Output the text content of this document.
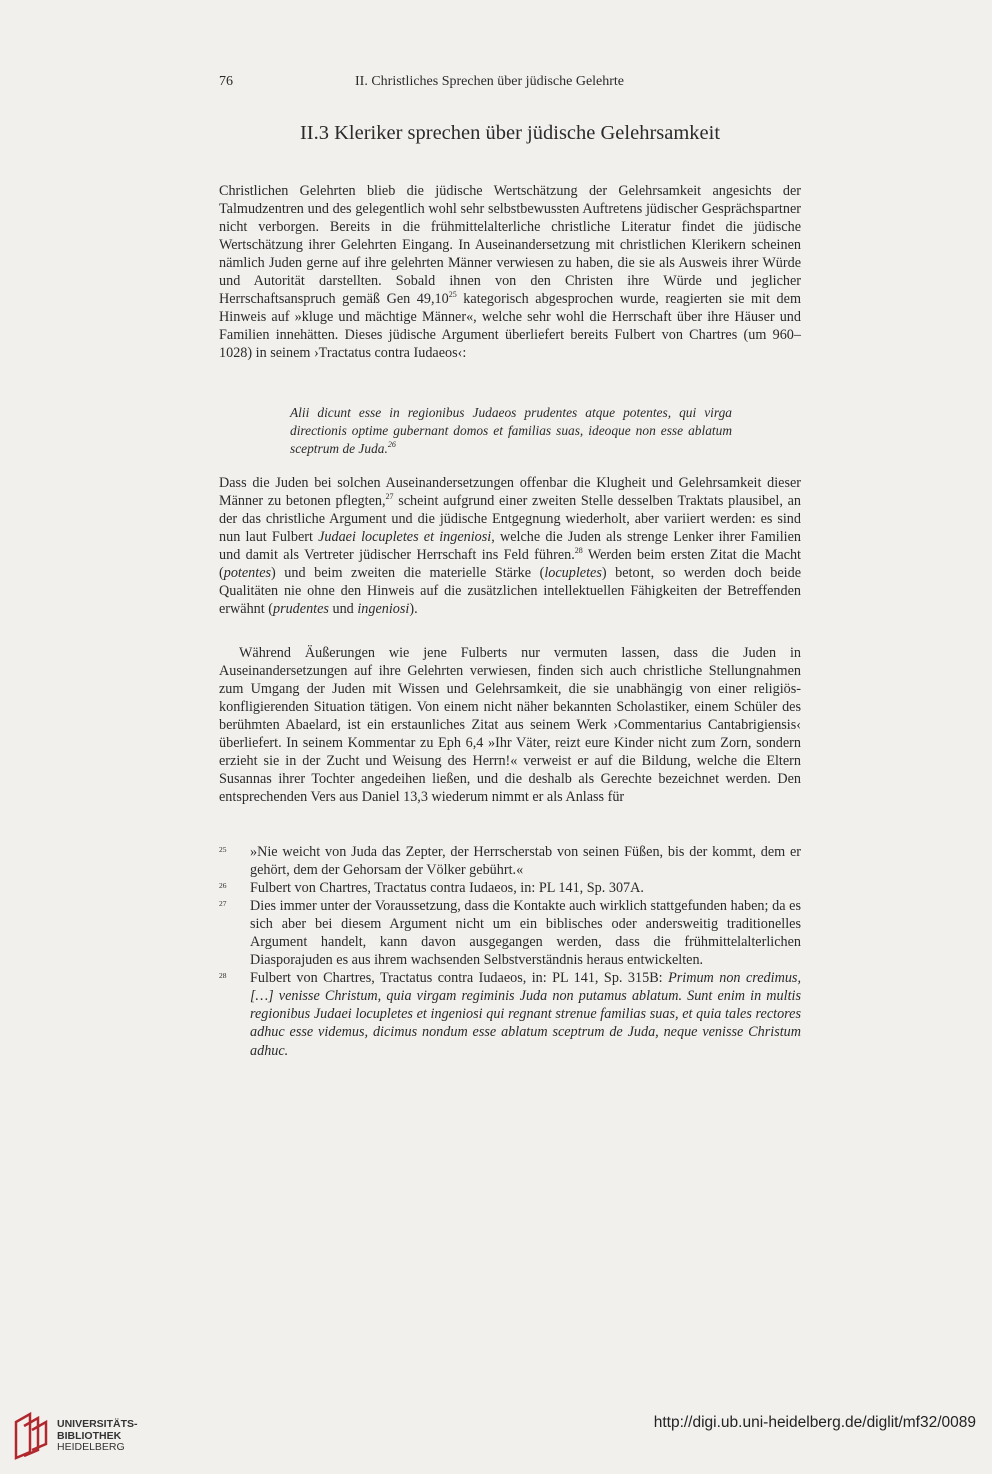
76	II. Christliches Sprechen über jüdische Gelehrte
II.3 Kleriker sprechen über jüdische Gelehrsamkeit

Christlichen Gelehrten blieb die jüdische Wertschätzung der Gelehrsamkeit angesichts der Talmudzentren und des gelegentlich wohl sehr selbstbewussten Auftretens jüdischer Gesprächspartner nicht verborgen. Bereits in die frühmittelalterliche christliche Literatur findet die jüdische Wertschätzung ihrer Gelehrten Eingang. In Auseinandersetzung mit christlichen Klerikern scheinen nämlich Juden gerne auf ihre gelehrten Männer verwiesen zu haben, die sie als Ausweis ihrer Würde und Autorität darstellten. Sobald ihnen von den Christen ihre Würde und jeglicher Herrschaftsanspruch gemäß Gen 49,10$^{25}$ kategorisch abgesprochen wurde, reagierten sie mit dem Hinweis auf »kluge und mächtige Männer«, welche sehr wohl die Herrschaft über ihre Häuser und Familien innehätten. Dieses jüdische Argument überliefert bereits Fulbert von Chartres (um 960–1028) in seinem ›Tractatus contra Iudaeos‹:

Alii dicunt esse in regionibus Judaeos prudentes atque potentes, qui virga directionis optime gubernant domos et familias suas, ideoque non esse ablatum sceptrum de Juda.$^{26}$

Dass die Juden bei solchen Auseinandersetzungen offenbar die Klugheit und Gelehrsamkeit dieser Männer zu betonen pflegten,$^{27}$ scheint aufgrund einer zweiten Stelle desselben Traktats plausibel, an der das christliche Argument und die jüdische Entgegnung wiederholt, aber variiert werden: es sind nun laut Fulbert Judaei locupletes et ingeniosi, welche die Juden als strenge Lenker ihrer Familien und damit als Vertreter jüdischer Herrschaft ins Feld führen.$^{28}$ Werden beim ersten Zitat die Macht (potentes) und beim zweiten die materielle Stärke (locupletes) betont, so werden doch beide Qualitäten nie ohne den Hinweis auf die zusätzlichen intellektuellen Fähigkeiten der Betreffenden erwähnt (prudentes und ingeniosi).

Während Äußerungen wie jene Fulberts nur vermuten lassen, dass die Juden in Auseinandersetzungen auf ihre Gelehrten verwiesen, finden sich auch christliche Stellungnahmen zum Umgang der Juden mit Wissen und Gelehrsamkeit, die sie unabhängig von einer religiös-konfligierenden Situation tätigen. Von einem nicht näher bekannten Scholastiker, einem Schüler des berühmten Abaelard, ist ein erstaunliches Zitat aus seinem Werk ›Commentarius Cantabrigiensis‹ überliefert. In seinem Kommentar zu Eph 6,4 »Ihr Väter, reizt eure Kinder nicht zum Zorn, sondern erzieht sie in der Zucht und Weisung des Herrn!« verweist er auf die Bildung, welche die Eltern Susannas ihrer Tochter angedeihen ließen, und die deshalb als Gerechte bezeichnet werden. Den entsprechenden Vers aus Daniel 13,3 wiederum nimmt er als Anlass für

25 »Nie weicht von Juda das Zepter, der Herrscherstab von seinen Füßen, bis der kommt, dem er gehört, dem der Gehorsam der Völker gebührt.«

26 Fulbert von Chartres, Tractatus contra Iudaeos, in: PL 141, Sp. 307A.

27 Dies immer unter der Voraussetzung, dass die Kontakte auch wirklich stattgefunden haben; da es sich aber bei diesem Argument nicht um ein biblisches oder andersweitig traditionelles Argument handelt, kann davon ausgegangen werden, dass die frühmittelalterlichen Diasporajuden es aus ihrem wachsenden Selbstverständnis heraus entwickelten.

28 Fulbert von Chartres, Tractatus contra Iudaeos, in: PL 141, Sp. 315B: Primum non credimus, […] venisse Christum, quia virgam regiminis Juda non putamus ablatum. Sunt enim in multis regionibus Judaei locupletes et ingeniosi qui regnant strenue familias suas, et quia tales rectores adhuc esse videmus, dicimus nondum esse ablatum sceptrum de Juda, neque venisse Christum adhuc.

UNIVERSITÄTS-
BIBLIOTHEK
HEIDELBERG
http://digi.ub.uni-heidelberg.de/diglit/mf32/0089
